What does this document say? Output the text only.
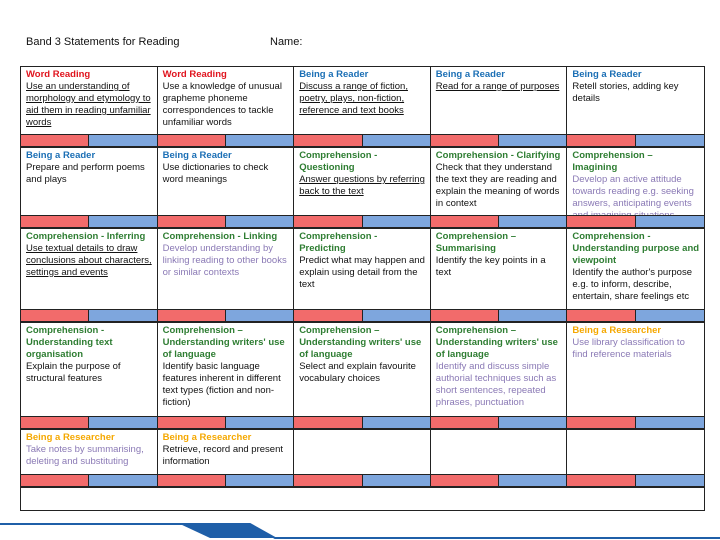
Band 3 Statements for Reading	Name:
Word Reading
Use an understanding of morphology and etymology to aid them in reading unfamiliar words
Word Reading
Use a knowledge of unusual grapheme phoneme correspondences to tackle unfamiliar words
Being a Reader
Discuss a range of fiction, poetry, plays, non-fiction, reference and text books
Being a Reader
Read for a range of purposes
Being a Reader
Retell stories, adding key details
Being a Reader
Prepare and perform poems and plays
Being a Reader
Use dictionaries to check word meanings
Comprehension - Questioning
Answer questions by referring back to the text
Comprehension - Clarifying
Check that they understand the text they are reading and explain the meaning of words in context
Comprehension – Imagining
Develop an active attitude towards reading e.g. seeking answers, anticipating events
Comprehension - Inferring
Use textual details to draw conclusions about characters, settings and events
Comprehension - Linking
Develop understanding by linking reading to other books or similar contexts
Comprehension - Predicting
Predict what may happen and explain using detail from the text
Comprehension – Summarising
Identify the key points in a text
Comprehension - Understanding purpose and viewpoint
Identify the author's purpose e.g. to inform, describe, entertain, share feelings etc
Comprehension - Understanding text organisation
Explain the purpose of structural features
Comprehension – Understanding writers' use of language
Identify basic language features inherent in different text types (fiction and non-fiction)
Comprehension – Understanding writers' use of language
Select and explain favourite vocabulary choices
Comprehension – Understanding writers' use of language
Identify and discuss simple authorial techniques such as short sentences, repeated phrases, punctuation
Being a Researcher
Use library classification to find reference materials
Being a Researcher
Take notes by summarising, deleting and substituting
Being a Researcher
Retrieve, record and present information
